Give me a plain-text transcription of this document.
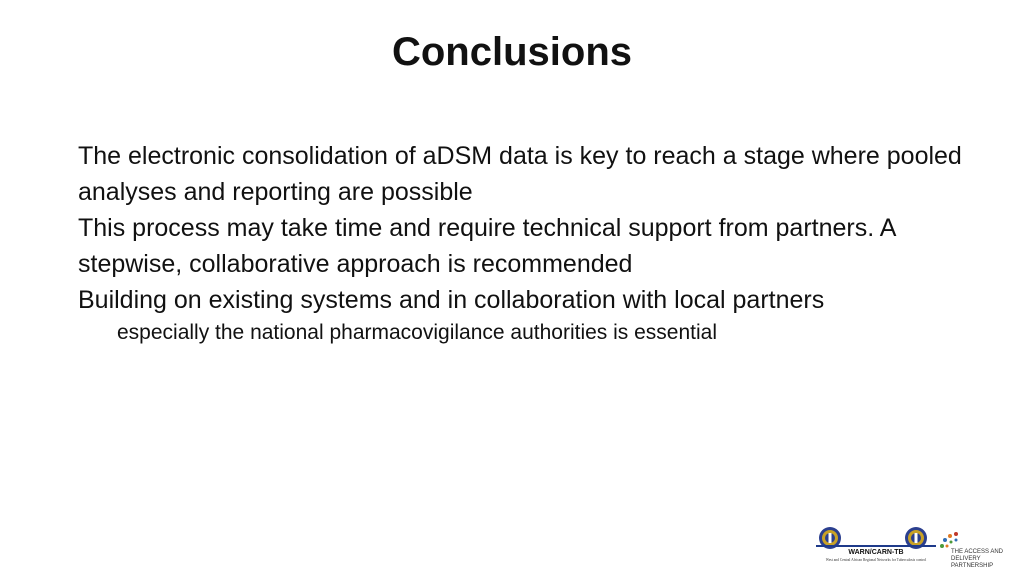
Conclusions

The electronic consolidation of aDSM data is key to reach a stage where pooled analyses and reporting are possible

This process may take time and require technical support from partners. A stepwise, collaborative approach is recommended

Building on existing systems and in collaboration with local partners

especially the national pharmacovigilance authorities is essential

WARN/CARN-TB
West and Central African Regional Networks for Tuberculosis control
THE ACCESS AND
DELIVERY PARTNERSHIP
